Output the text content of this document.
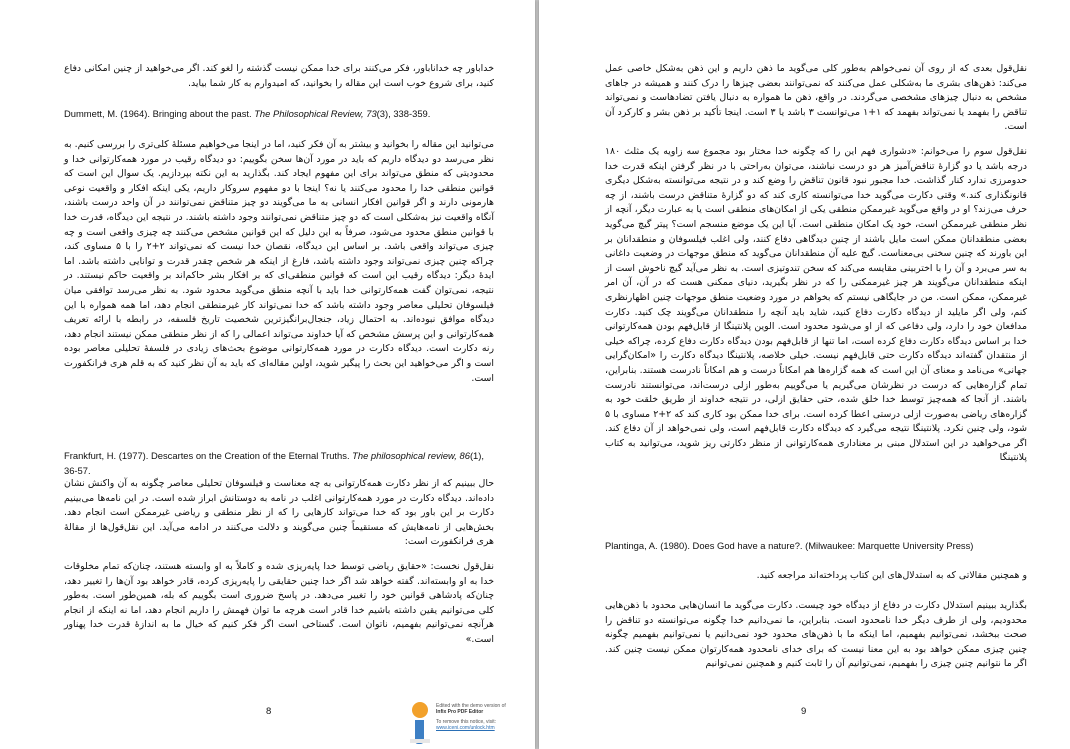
خداباور چه خداناباور، فکر می‌کنند برای خدا ممکن نیست گذشته را لغو کند. اگر می‌خواهید از چنین امکانی دفاع کنید، برای شروع خوب است این مقاله را بخوانید، که امیدوارم به کار شما بیاید.

Dummett, M. (1964). Bringing about the past. The Philosophical Review, 73(3), 338-359.

می‌توانید این مقاله را بخوانید و بیشتر به آن فکر کنید، اما در اینجا می‌خواهیم مسئلهٔ کلی‌تری را بررسی کنیم. به نظر می‌رسد دو دیدگاه داریم که باید در مورد آن‌ها سخن بگوییم: دو دیدگاه رقیب در مورد همه‌کارتوانی خدا و محدودیتی که منطق می‌تواند برای این مفهوم ایجاد کند. بگذارید به این نکته بپردازیم. یک سوال این است که قوانین منطقی خدا را محدود می‌کنند یا نه؟ اینجا با دو مفهوم سروکار داریم، یکی اینکه افکار و واقعیت نوعی هارمونی دارند و اگر قوانین افکار انسانی به ما می‌گویند دو چیز متناقض نمی‌توانند در آن واحد درست باشند، آنگاه واقعیت نیز به‌شکلی است که دو چیز متناقض نمی‌توانند وجود داشته باشند. در نتیجه این دیدگاه، قدرت خدا با قوانین منطق محدود می‌شود، صرفاً به این دلیل که این قوانین مشخص می‌کنند چه چیزی واقعی است و چه چیزی می‌تواند واقعی باشد. بر اساس این دیدگاه، نقصان خدا نیست که نمی‌تواند ۲+۲ را با ۵ مساوی کند، چراکه چنین چیزی نمی‌تواند وجود داشته باشد، فارغ از اینکه هر شخص چقدر قدرت و توانایی داشته باشد. اما ایدهٔ دیگر: دیدگاه رقیب این است که قوانین منطقی‌ای که بر افکار بشر حاکم‌اند بر واقعیت حاکم نیستند. در نتیجه، نمی‌توان گفت همه‌کارتوانی خدا باید با آنچه منطق می‌گوید محدود شود. به نظر می‌رسد توافقی میان فیلسوفان تحلیلی معاصر وجود داشته باشد که خدا نمی‌تواند کار غیرمنطقی انجام دهد، اما همه همواره با این دیدگاه موافق نبوده‌اند. به احتمال زیاد، جنجال‌برانگیزترین شخصیت تاریخ فلسفه، در رابطه با ارائه تعریف همه‌کارتوانی و این پرسش مشخص که آیا خداوند می‌تواند اعمالی را که از نظر منطقی ممکن نیستند انجام دهد، رنه دکارت است. دیدگاه دکارت در مورد همه‌کارتوانی موضوع بحث‌های زیادی در فلسفهٔ تحلیلی معاصر بوده است و اگر می‌خواهید این بحث را پیگیر شوید، اولین مقاله‌ای که باید به آن نظر کنید که به قلم هری فرانکفورت است.

Frankfurt, H. (1977). Descartes on the Creation of the Eternal Truths. The philosophical review, 86(1), 36-57.

حال ببینیم که از نظر دکارت همه‌کارتوانی به چه معناست و فیلسوفان تحلیلی معاصر چگونه به آن واکنش نشان داده‌اند. دیدگاه دکارت در مورد همه‌کارتوانی اغلب در نامه به دوستانش ابراز شده است. در این نامه‌ها می‌بینیم دکارت بر این باور بود که خدا می‌تواند کارهایی را که از نظر منطقی و ریاضی غیرممکن است انجام دهد. بخش‌هایی از نامه‌هایش که مستقیماً چنین می‌گویند و دلالت می‌کنند در ادامه می‌آید. این نقل‌قول‌ها از مقالهٔ هری فرانکفورت است:

نقل‌قول نخست: «حقایق ریاضی توسط خدا پایه‌ریزی شده و کاملاً به او وابسته هستند، چنان‌که تمام مخلوقات خدا به او وابسته‌اند. گفته خواهد شد اگر خدا چنین حقایقی را پایه‌ریزی کرده، قادر خواهد بود آن‌ها را تغییر دهد، چنان‌که پادشاهی قوانین خود را تغییر می‌دهد. در پاسخ ضروری است بگوییم که بله، همین‌طور است. به‌طور کلی می‌توانیم یقین داشته باشیم خدا قادر است هرچه ما توان فهمش را داریم انجام دهد، اما نه اینکه از انجام هرآنچه نمی‌توانیم بفهمیم، ناتوان است. گستاخی است اگر فکر کنیم که خیال ما به اندازهٔ قدرت خدا پهناور است.»

8	Edited with the demo version of
Infix Pro PDF Editor
To remove this notice, visit:
www.iceni.com/unlock.htm

نقل‌قول بعدی که از روی آن نمی‌خواهم به‌طور کلی می‌گوید ما ذهن داریم و این ذهن به‌شکل خاصی عمل می‌کند: ذهن‌های بشری ما به‌شکلی عمل می‌کنند که نمی‌توانند بعضی چیزها را درک کنند و همیشه در جاهای مشخص به دنبال چیزهای مشخصی می‌گردند. در واقع، ذهن ما همواره به دنبال یافتن تضادهاست و نمی‌تواند تناقض را بفهمد یا نمی‌تواند بفهمد که ۱+۱ می‌توانست ۳ باشد یا ۳ است. اینجا تأکید بر ذهن بشر و کارکرد آن است.

نقل‌قول سوم را می‌خوانم: «دشواری فهم این را که چگونه خدا مختار بود مجموع سه زاویه یک مثلث ۱۸۰ درجه باشد یا دو گزارهٔ تناقض‌آمیز هر دو درست نباشند، می‌توان به‌راحتی با در نظر گرفتن اینکه قدرت خدا حدومرزی ندارد کنار گذاشت. خدا مجبور نبود قانون تناقض را وضع کند و در نتیجه می‌توانسته به‌شکل دیگری قانونگذاری کند.» وقتی دکارت می‌گوید خدا می‌توانسته کاری کند که دو گزارهٔ متناقض درست باشند، از چه حرف می‌زند؟ او در واقع می‌گوید غیرممکن منطقی یکی از امکان‌های منطقی است یا به عبارت دیگر، آنچه از نظر منطقی غیرممکن است، خود یک امکان منطقی است. آیا این یک موضع منسجم است؟ پیتر گیچ می‌گوید بعضی منطقدانان ممکن است مایل باشند از چنین دیدگاهی دفاع کنند، ولی اغلب فیلسوفان و منطقدانان بر این باورند که چنین سخنی بی‌معناست. گیچ علیه آن منطقدانان می‌گوید که منطق موجهات در وضعیت داغانی به سر می‌برد و آن را با اختربینی مقایسه می‌کند که سخن تندوتیزی است. به نظر می‌آید گیچ ناخوش است از اینکه منطقدانان می‌گویند هر چیز غیرممکنی را که در نظر بگیرید، دنیای ممکنی هست که در آن، آن امر غیرممکن، ممکن است. من در جایگاهی نیستم که بخواهم در مورد وضعیت منطق موجهات چنین اظهارنظری کنم، ولی اگر مایلید از دیدگاه دکارت دفاع کنید، شاید باید آنچه را منطقدانان می‌گویند چک کنید. دکارت مدافعان خود را دارد، ولی دفاعی که از او می‌شود محدود است. الوین پلانتینگا از قابل‌فهم بودن همه‌کارتوانی خدا بر اساس دیدگاه دکارت دفاع کرده است، اما تنها از قابل‌فهم بودن دیدگاه دکارت دفاع کرده، چراکه خیلی از منتقدان گفته‌اند دیدگاه دکارت حتی قابل‌فهم نیست. خیلی خلاصه، پلانتینگا دیدگاه دکارت را «امکان‌گرایی جهانی» می‌نامد و معنای آن این است که همه گزاره‌ها هم امکاناً درست و هم امکاناً نادرست هستند. بنابراین، تمام گزاره‌هایی که درست در نظرشان می‌گیریم یا می‌گوییم به‌طور ازلی درست‌اند، می‌توانستند نادرست باشند. از آنجا که همه‌چیز توسط خدا خلق شده، حتی حقایق ازلی، در نتیجه خداوند از طریق خلقت خود به گزاره‌های ریاضی به‌صورت ازلی درستی اعطا کرده است. برای خدا ممکن بود کاری کند که ۲+۲ مساوی با ۵ شود، ولی چنین نکرد. پلانتینگا نتیجه می‌گیرد که دیدگاه دکارت قابل‌فهم است، ولی نمی‌خواهد از آن دفاع کند. اگر می‌خواهید در این استدلال مبنی بر معناداری همه‌کارتوانی از منظر دکارتی ریز شوید، می‌توانید به کتاب پلانتینگا

Plantinga, A. (1980). Does God have a nature?. (Milwaukee: Marquette University Press)

و همچنین مقالاتی که به استدلال‌های این کتاب پرداخته‌اند مراجعه کنید.

بگذارید ببینیم استدلال دکارت در دفاع از دیدگاه خود چیست. دکارت می‌گوید ما انسان‌هایی محدود با ذهن‌هایی محدودیم، ولی از طرف دیگر خدا نامحدود است. بنابراین، ما نمی‌دانیم خدا چگونه می‌توانسته دو تناقض را صحت ببخشد، نمی‌توانیم بفهمیم، اما اینکه ما با ذهن‌های محدود خود نمی‌دانیم یا نمی‌توانیم بفهمیم چگونه چنین چیزی ممکن خواهد بود به این معنا نیست که برای خدای نامحدود همه‌کارتوان ممکن نیست چنین کند. اگر ما نتوانیم چنین چیزی را بفهمیم، نمی‌توانیم آن را ثابت کنیم و همچنین نمی‌توانیم

9
